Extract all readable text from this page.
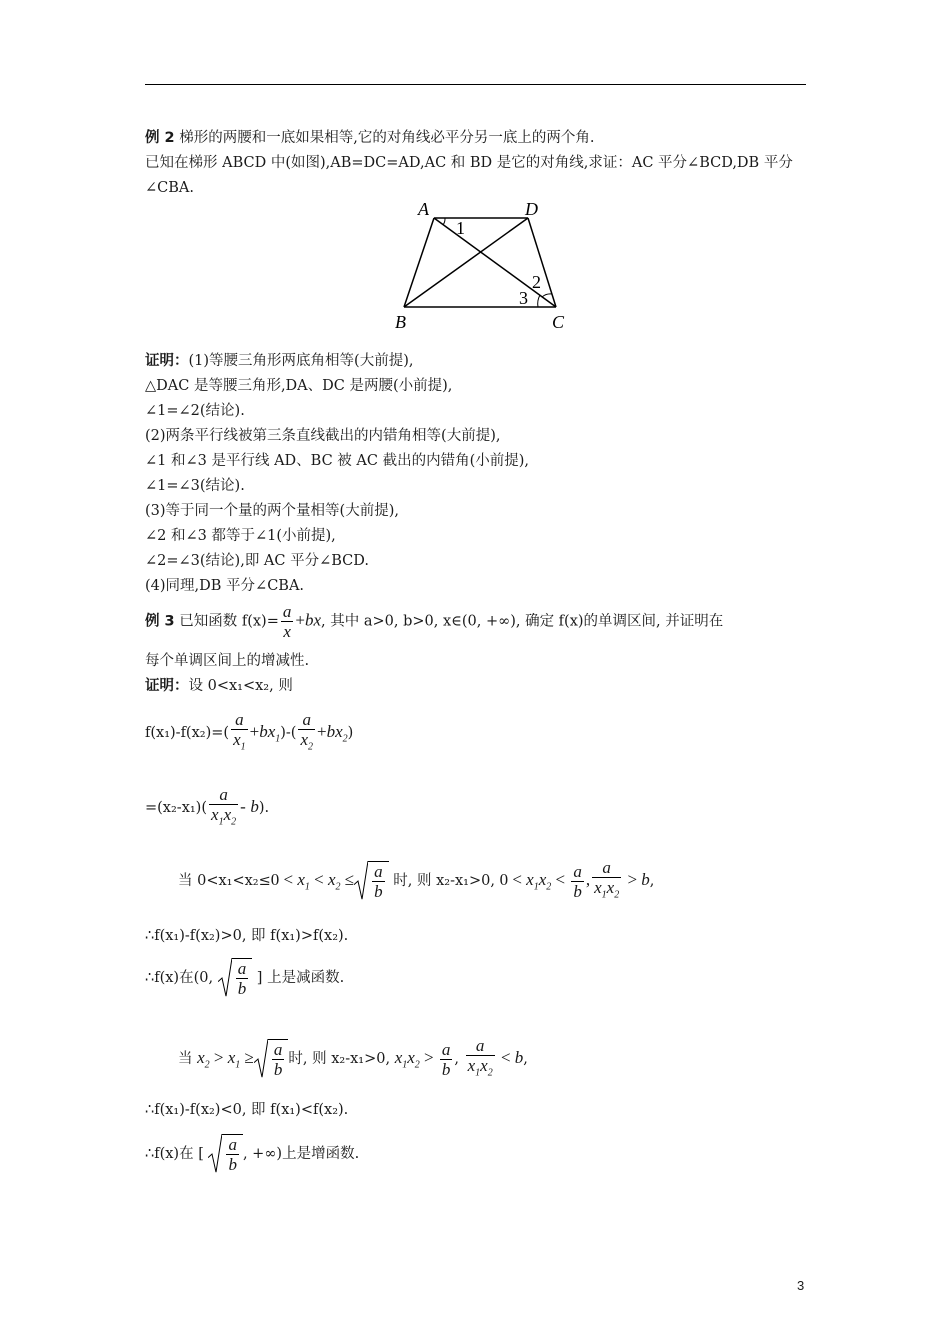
例 2 梯形的两腰和一底如果相等,它的对角线必平分另一底上的两个角.
已知在梯形 ABCD 中(如图),AB=DC=AD,AC 和 BD 是它的对角线,求证：AC 平分∠BCD,DB 平分
∠CBA.
A	D
B	C
1
2
3
证明：(1)等腰三角形两底角相等(大前提),
△DAC 是等腰三角形,DA、DC 是两腰(小前提),
∠1=∠2(结论).
(2)两条平行线被第三条直线截出的内错角相等(大前提),
∠1 和∠3 是平行线 AD、BC 被 AC 截出的内错角(小前提),
∠1=∠3(结论).
(3)等于同一个量的两个量相等(大前提),
∠2 和∠3 都等于∠1(小前提),
∠2=∠3(结论),即 AC 平分∠BCD.
(4)同理,DB 平分∠CBA.
例 3 已知函数 $f(x)= \frac{a}{x} +bx$, 其中 a>0, b>0, x∈(0, +∞), 确定 f(x)的单调区间, 并证明在
每个单调区间上的增减性.
证明：设 0<x₁<x₂, 则
$f(x_1)-f(x_2)=( \frac{a}{x_1} +bx_1)-( \frac{a}{x_2} +bx_2)$
$=(x_2-x_1)( \frac{a}{x_1x_2} - b)$.
当 $0<x_1<x_2\le 0 < x_1 < x_2 \le \frac{a}{b}$ 时, 则 x₂-x₁>0, $0 < x_1x_2 < \frac{a}{b}$ , $\frac{a}{x_1x_2} > b$,
∴f(x₁)-f(x₂)>0, 即 f(x₁)>f(x₂).
∴f(x)在(0, $\frac{a}{b}$ ] 上是减函数.
当 $x_2 > x_1 \ge \frac{a}{b}$ 时, 则 x₂-x₁>0, $x_1x_2 > \frac{a}{b}$ , $\frac{a}{x_1x_2} < b$,
∴f(x₁)-f(x₂)<0, 即 f(x₁)<f(x₂).
∴f(x)在 [ $\frac{a}{b}$ , +∞)上是增函数.
3
